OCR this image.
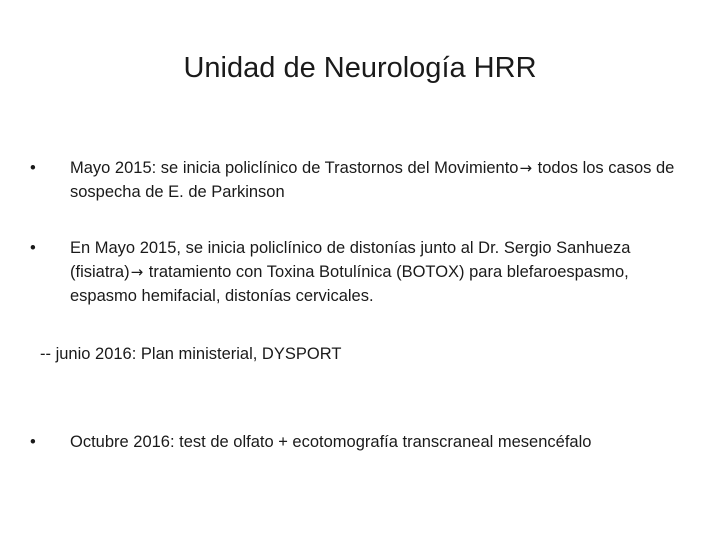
Unidad de Neurología HRR
•	Mayo 2015: se inicia policlínico de Trastornos del Movimiento→ todos los casos de sospecha de E. de Parkinson
•	En Mayo 2015, se inicia policlínico de distonías junto al Dr. Sergio Sanhueza (fisiatra)→ tratamiento con Toxina Botulínica (BOTOX) para blefaroespasmo, espasmo hemifacial, distonías cervicales.
-- junio 2016: Plan ministerial, DYSPORT
•	Octubre 2016: test de olfato + ecotomografía transcraneal mesencéfalo
